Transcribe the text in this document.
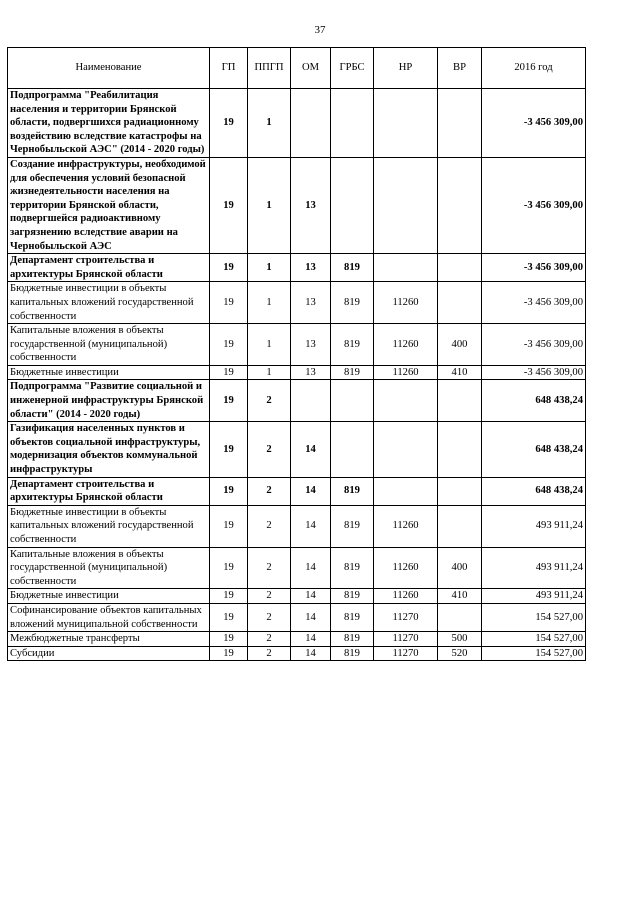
37
Наименование	ГП	ППГП	ОМ	ГРБС	НР	ВР	2016 год
Подпрограмма "Реабилитация населения и территории Брянской области, подвергшихся радиационному воздействию вследствие катастрофы на Чернобыльской АЭС" (2014 - 2020 годы)	19	1					-3 456 309,00
Создание инфраструктуры, необходимой для обеспечения условий безопасной жизнедеятельности населения на территории Брянской области, подвергшейся радиоактивному загрязнению вследствие аварии на Чернобыльской АЭС	19	1	13				-3 456 309,00
Департамент строительства и архитектуры Брянской области	19	1	13	819			-3 456 309,00
Бюджетные инвестиции в объекты капитальных вложений государственной собственности	19	1	13	819	11260		-3 456 309,00
Капитальные вложения в объекты государственной (муниципальной) собственности	19	1	13	819	11260	400	-3 456 309,00
Бюджетные инвестиции	19	1	13	819	11260	410	-3 456 309,00
Подпрограмма "Развитие социальной и инженерной инфраструктуры Брянской области" (2014 - 2020 годы)	19	2					648 438,24
Газификация населенных пунктов и объектов социальной инфраструктуры, модернизация объектов коммунальной инфраструктуры	19	2	14				648 438,24
Департамент строительства и архитектуры Брянской области	19	2	14	819			648 438,24
Бюджетные инвестиции в объекты капитальных вложений государственной собственности	19	2	14	819	11260		493 911,24
Капитальные вложения в объекты государственной (муниципальной) собственности	19	2	14	819	11260	400	493 911,24
Бюджетные инвестиции	19	2	14	819	11260	410	493 911,24
Софинансирование объектов капитальных вложений муниципальной собственности	19	2	14	819	11270		154 527,00
Межбюджетные трансферты	19	2	14	819	11270	500	154 527,00
Субсидии	19	2	14	819	11270	520	154 527,00
